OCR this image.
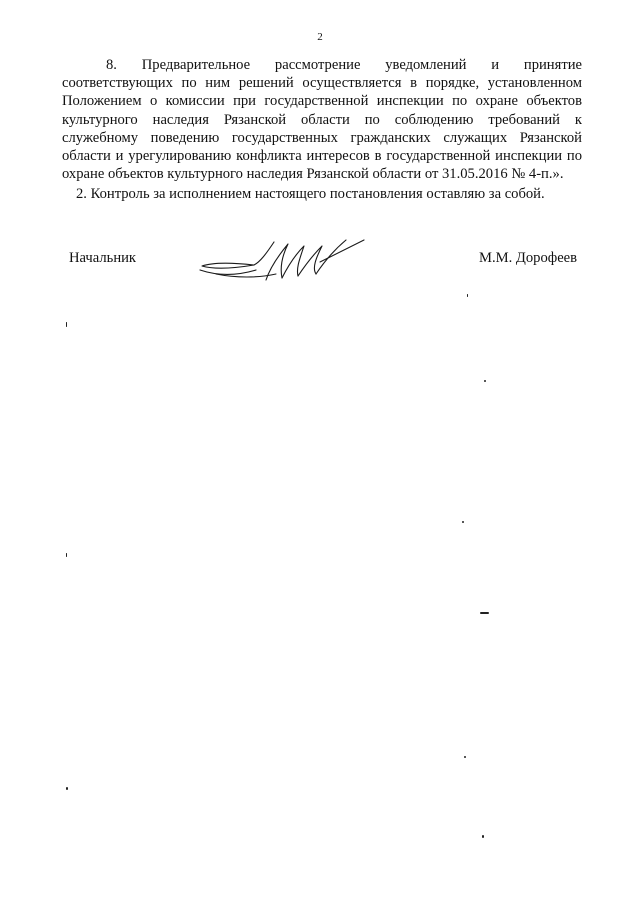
2

8. Предварительное рассмотрение уведомлений и принятие соответствующих по ним решений осуществляется в порядке, установленном Положением о комиссии при государственной инспекции по охране объектов культурного наследия Рязанской области по соблюдению требований к служебному поведению государственных гражданских служащих Рязанской области и урегулированию конфликта интересов в государственной инспекции по охране объектов культурного наследия Рязанской области от 31.05.2016 № 4-п.».

2. Контроль за исполнением настоящего постановления оставляю за собой.

Начальник	М.М. Дорофеев
